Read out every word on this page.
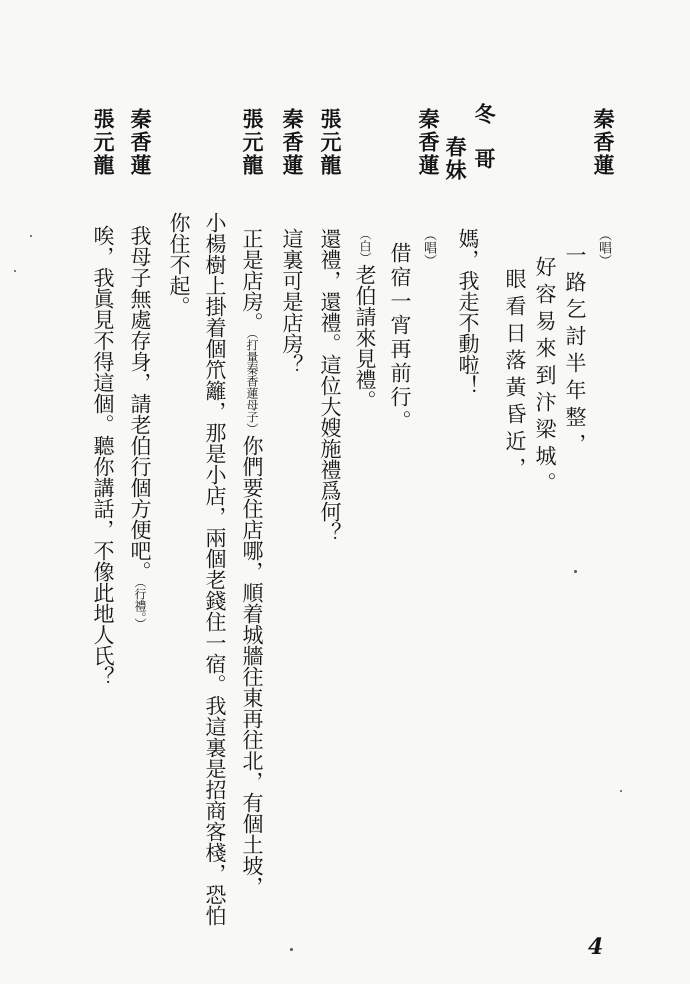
秦香蓮
（唱）
一路乞討半年整，
好容易來到汴梁城。
眼看日落黃昏近，
冬哥
春妹
媽，我走不動啦！
秦香蓮
（唱）
借宿一宵再前行。
（白）老伯請來見禮。
張元龍
還禮，還禮。這位大嫂施禮爲何？
秦香蓮
這裏可是店房？
張元龍
正是店房。（打量秦香蓮母子）你們要住店哪，順着城牆往東再往北，有個土坡，
小楊樹上掛着個笊籬，那是小店，兩個老錢住一宿。我這裏是招商客棧，恐怕
你住不起。
秦香蓮
我母子無處存身，請老伯行個方便吧。（行禮。）
張元龍
唉，我眞見不得這個。聽你講話，不像此地人氏？
4
